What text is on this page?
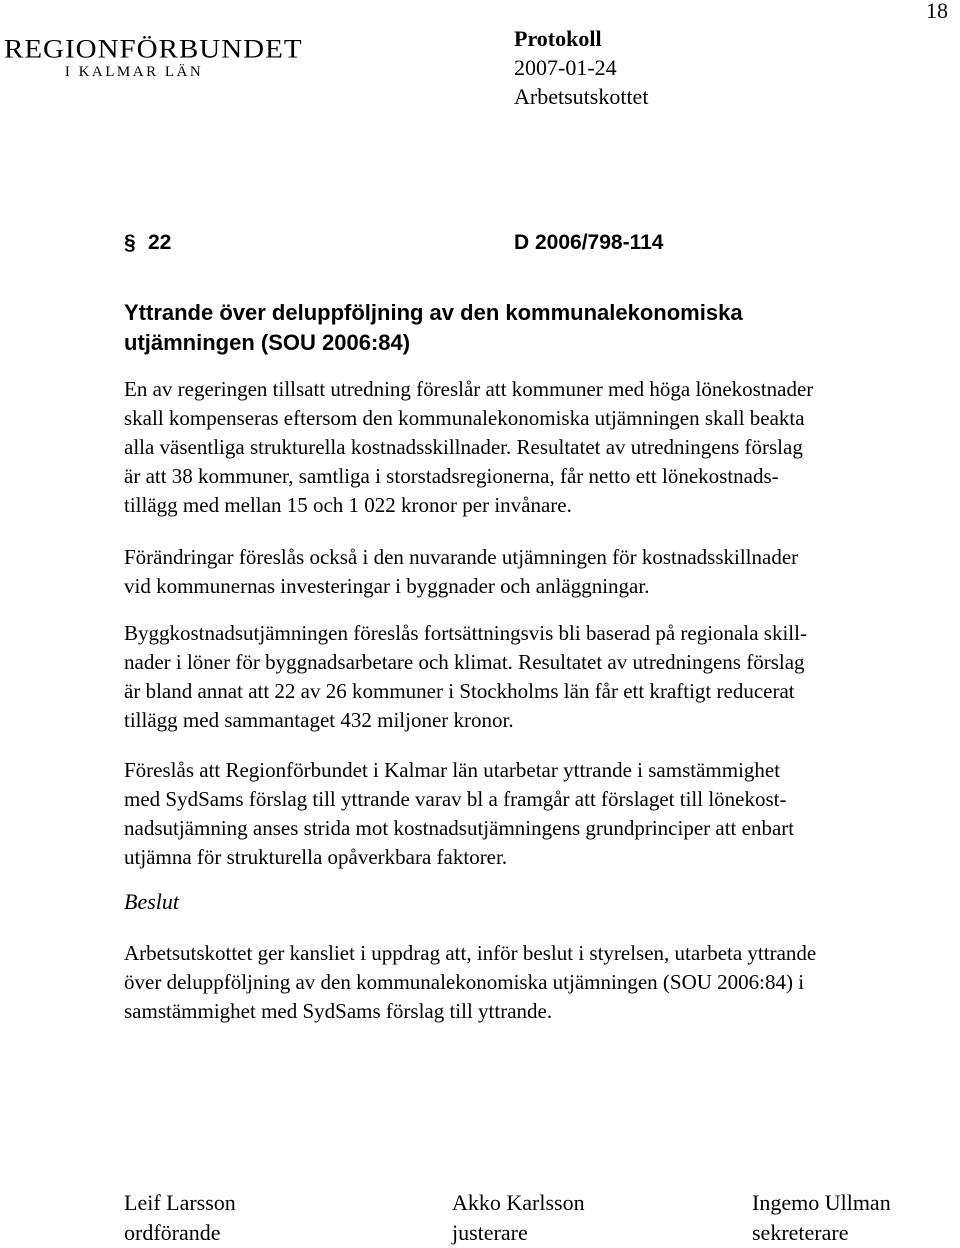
18
REGIONFÖRBUNDET
I KALMAR LÄN
Protokoll
2007-01-24
Arbetsutskottet
§ 22	D 2006/798-114
Yttrande över deluppföljning av den kommunalekonomiska
utjämningen (SOU 2006:84)
En av regeringen tillsatt utredning föreslår att kommuner med höga lönekostnader
skall kompenseras eftersom den kommunalekonomiska utjämningen skall beakta
alla väsentliga strukturella kostnadsskillnader. Resultatet av utredningens förslag
är att 38 kommuner, samtliga i storstadsregionerna, får netto ett lönekostnads-
tillägg med mellan 15 och 1 022 kronor per invånare.
Förändringar föreslås också i den nuvarande utjämningen för kostnadsskillnader
vid kommunernas investeringar i byggnader och anläggningar.
Byggkostnadsutjämningen föreslås fortsättningsvis bli baserad på regionala skill-
nader i löner för byggnadsarbetare och klimat. Resultatet av utredningens förslag
är bland annat att 22 av 26 kommuner i Stockholms län får ett kraftigt reducerat
tillägg med sammantaget 432 miljoner kronor.
Föreslås att Regionförbundet i Kalmar län utarbetar yttrande i samstämmighet
med SydSams förslag till yttrande varav bl a framgår att förslaget till lönekost-
nadsutjämning anses strida mot kostnadsutjämningens grundprinciper att enbart
utjämna för strukturella opåverkbara faktorer.
Beslut
Arbetsutskottet ger kansliet i uppdrag att, inför beslut i styrelsen, utarbeta yttrande
över deluppföljning av den kommunalekonomiska utjämningen (SOU 2006:84) i
samstämmighet med SydSams förslag till yttrande.
Leif Larsson
ordförande
Akko Karlsson
justerare
Ingemo Ullman
sekreterare
